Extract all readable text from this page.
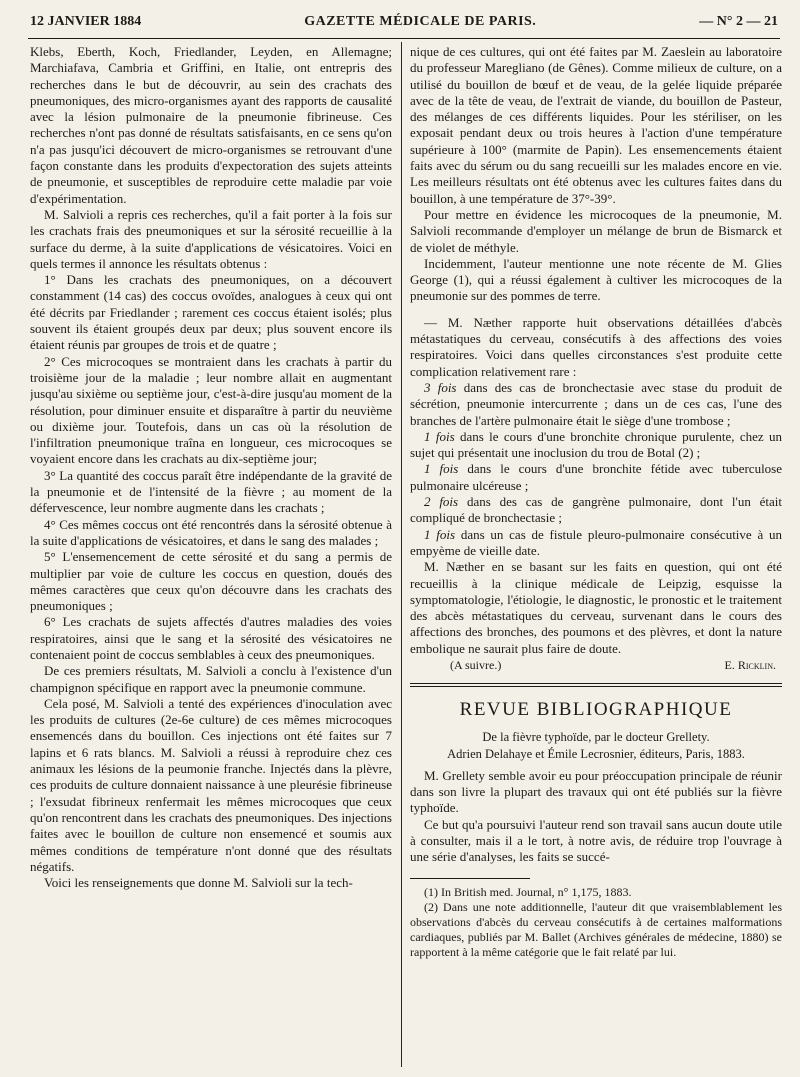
12 JANVIER 1884	GAZETTE MÉDICALE DE PARIS.	— N° 2 — 21

Klebs, Eberth, Koch, Friedlander, Leyden, en Allemagne; Marchiafava, Cambria et Griffini, en Italie, ont entrepris des recherches dans le but de découvrir, au sein des crachats des pneumoniques, des micro-organismes ayant des rapports de causalité avec la lésion pulmonaire de la pneumonie fibrineuse. Ces recherches n'ont pas donné de résultats satisfaisants, en ce sens qu'on n'a pas jusqu'ici découvert de micro-organismes se retrouvant d'une façon constante dans les produits d'expectoration des sujets atteints de pneumonie, et susceptibles de reproduire cette maladie par voie d'expérimentation.

M. Salvioli a repris ces recherches, qu'il a fait porter à la fois sur les crachats frais des pneumoniques et sur la sérosité recueillie à la surface du derme, à la suite d'applications de vésicatoires. Voici en quels termes il annonce les résultats obtenus :

1° Dans les crachats des pneumoniques, on a découvert constamment (14 cas) des coccus ovoïdes, analogues à ceux qui ont été décrits par Friedlander ; rarement ces coccus étaient isolés; plus souvent ils étaient groupés deux par deux; plus souvent encore ils étaient réunis par groupes de trois et de quatre ;

2° Ces microcoques se montraient dans les crachats à partir du troisième jour de la maladie ; leur nombre allait en augmentant jusqu'au sixième ou septième jour, c'est-à-dire jusqu'au moment de la résolution, pour diminuer ensuite et disparaître à partir du neuvième ou dixième jour. Toutefois, dans un cas où la résolution de l'infiltration pneumonique traîna en longueur, ces microcoques se voyaient encore dans les crachats au dix-septième jour;

3° La quantité des coccus paraît être indépendante de la gravité de la pneumonie et de l'intensité de la fièvre ; au moment de la défervescence, leur nombre augmente dans les crachats ;

4° Ces mêmes coccus ont été rencontrés dans la sérosité obtenue à la suite d'applications de vésicatoires, et dans le sang des malades ;

5° L'ensemencement de cette sérosité et du sang a permis de multiplier par voie de culture les coccus en question, doués des mêmes caractères que ceux qu'on découvre dans les crachats des pneumoniques ;

6° Les crachats de sujets affectés d'autres maladies des voies respiratoires, ainsi que le sang et la sérosité des vésicatoires ne contenaient point de coccus semblables à ceux des pneumoniques.

De ces premiers résultats, M. Salvioli a conclu à l'existence d'un champignon spécifique en rapport avec la pneumonie commune.

Cela posé, M. Salvioli a tenté des expériences d'inoculation avec les produits de cultures (2e-6e culture) de ces mêmes microcoques ensemencés dans du bouillon. Ces injections ont été faites sur 7 lapins et 6 rats blancs. M. Salvioli a réussi à reproduire chez ces animaux les lésions de la peumonie franche. Injectés dans la plèvre, ces produits de culture donnaient naissance à une pleurésie fibrineuse ; l'exsudat fibrineux renfermait les mêmes microcoques que ceux qu'on rencontrent dans les crachats des pneumoniques. Des injections faites avec le bouillon de culture non ensemencé et soumis aux mêmes conditions de température n'ont donné que des résultats négatifs.

Voici les renseignements que donne M. Salvioli sur la tech-

nique de ces cultures, qui ont été faites par M. Zaeslein au laboratoire du professeur Maregliano (de Gênes). Comme milieux de culture, on a utilisé du bouillon de bœuf et de veau, de la gelée liquide préparée avec de la tête de veau, de l'extrait de viande, du bouillon de Pasteur, des mélanges de ces différents liquides. Pour les stériliser, on les exposait pendant deux ou trois heures à l'action d'une température supérieure à 100° (marmite de Papin). Les ensemencements étaient faits avec du sérum ou du sang recueilli sur les malades encore en vie. Les meilleurs résultats ont été obtenus avec les cultures faites dans du bouillon, à une température de 37°-39°.

Pour mettre en évidence les microcoques de la pneumonie, M. Salvioli recommande d'employer un mélange de brun de Bismarck et de violet de méthyle.

Incidemment, l'auteur mentionne une note récente de M. Glies George (1), qui a réussi également à cultiver les microcoques de la pneumonie sur des pommes de terre.

— M. Næther rapporte huit observations détaillées d'abcès métastatiques du cerveau, consécutifs à des affections des voies respiratoires. Voici dans quelles circonstances s'est produite cette complication relativement rare :

3 fois dans des cas de bronchectasie avec stase du produit de sécrétion, pneumonie intercurrente ; dans un de ces cas, l'une des branches de l'artère pulmonaire était le siège d'une trombose ;

1 fois dans le cours d'une bronchite chronique purulente, chez un sujet qui présentait une inoclusion du trou de Botal (2) ;

1 fois dans le cours d'une bronchite fétide avec tuberculose pulmonaire ulcéreuse ;

2 fois dans des cas de gangrène pulmonaire, dont l'un était compliqué de bronchectasie ;

1 fois dans un cas de fistule pleuro-pulmonaire consécutive à un empyème de vieille date.

M. Næther en se basant sur les faits en question, qui ont été recueillis à la clinique médicale de Leipzig, esquisse la symptomatologie, l'étiologie, le diagnostic, le pronostic et le traitement des abcès métastatiques du cerveau, survenant dans le cours des affections des bronches, des poumons et des plèvres, et dont la nature embolique ne saurait plus faire de doute.

(A suivre.)	E. Ricklin.
REVUE BIBLIOGRAPHIQUE
De la fièvre typhoïde, par le docteur Grellety.
Adrien Delahaye et Émile Lecrosnier, éditeurs, Paris, 1883.

M. Grellety semble avoir eu pour préoccupation principale de réunir dans son livre la plupart des travaux qui ont été publiés sur la fièvre typhoïde.

Ce but qu'a poursuivi l'auteur rend son travail sans aucun doute utile à consulter, mais il a le tort, à notre avis, de réduire trop l'ouvrage à une série d'analyses, les faits se succé-

(1) In British med. Journal, n° 1,175, 1883.

(2) Dans une note additionnelle, l'auteur dit que vraisemblablement les observations d'abcès du cerveau consécutifs à de certaines malformations cardiaques, publiés par M. Ballet (Archives générales de médecine, 1880) se rapportent à la même catégorie que le fait relaté par lui.
